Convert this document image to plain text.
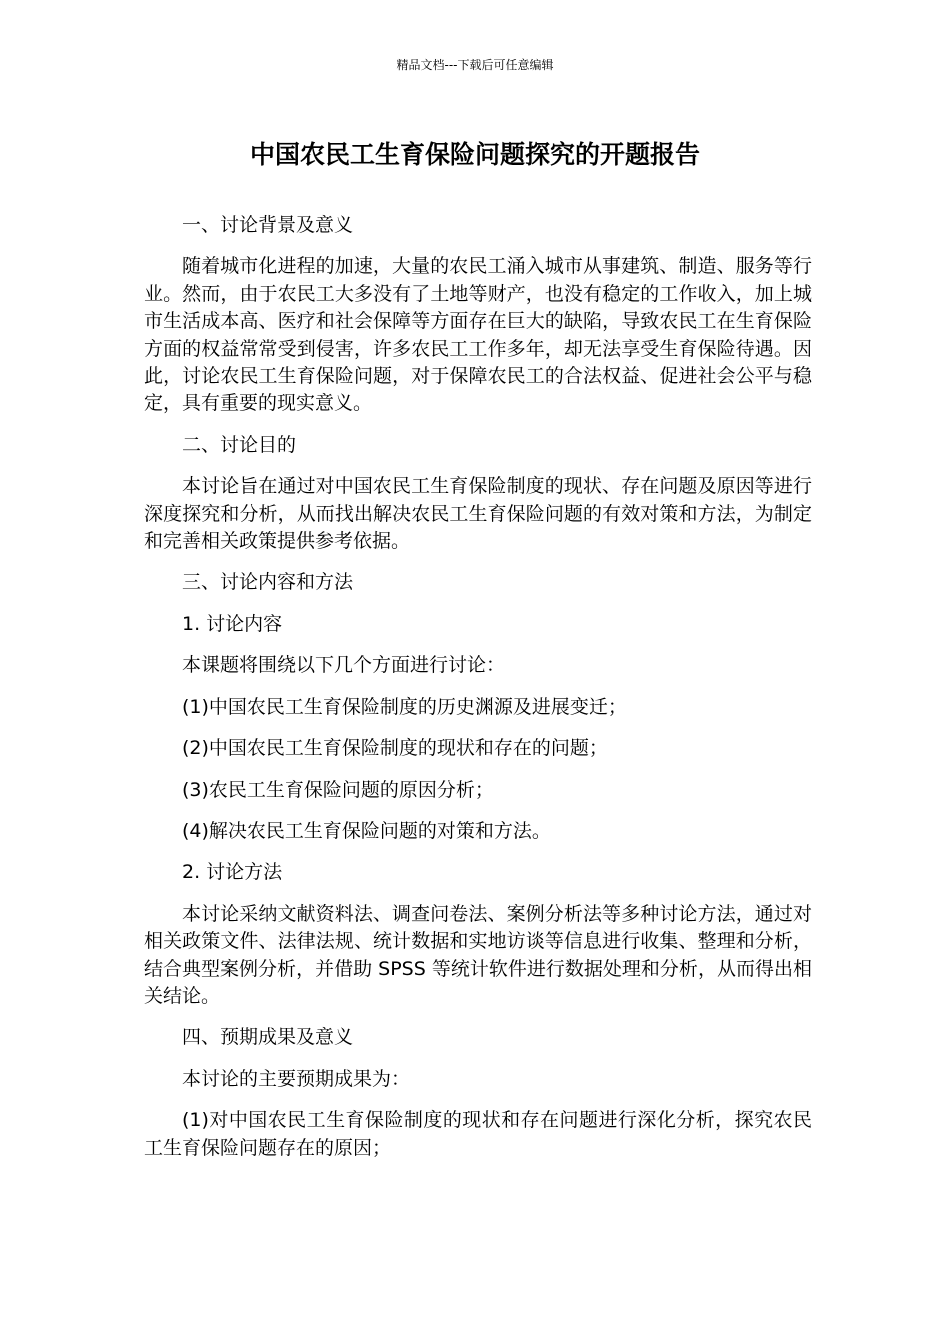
精品文档---下载后可任意编辑
中国农民工生育保险问题探究的开题报告

一、讨论背景及意义

随着城市化进程的加速，大量的农民工涌入城市从事建筑、制造、服务等行业。然而，由于农民工大多没有了土地等财产，也没有稳定的工作收入，加上城市生活成本高、医疗和社会保障等方面存在巨大的缺陷，导致农民工在生育保险方面的权益常常受到侵害，许多农民工工作多年，却无法享受生育保险待遇。因此，讨论农民工生育保险问题，对于保障农民工的合法权益、促进社会公平与稳定，具有重要的现实意义。

二、讨论目的

本讨论旨在通过对中国农民工生育保险制度的现状、存在问题及原因等进行深度探究和分析，从而找出解决农民工生育保险问题的有效对策和方法，为制定和完善相关政策提供参考依据。

三、讨论内容和方法

1. 讨论内容

本课题将围绕以下几个方面进行讨论：

(1)中国农民工生育保险制度的历史渊源及进展变迁；

(2)中国农民工生育保险制度的现状和存在的问题；

(3)农民工生育保险问题的原因分析；

(4)解决农民工生育保险问题的对策和方法。

2. 讨论方法

本讨论采纳文献资料法、调查问卷法、案例分析法等多种讨论方法，通过对相关政策文件、法律法规、统计数据和实地访谈等信息进行收集、整理和分析，结合典型案例分析，并借助 SPSS 等统计软件进行数据处理和分析，从而得出相关结论。

四、预期成果及意义

本讨论的主要预期成果为：

(1)对中国农民工生育保险制度的现状和存在问题进行深化分析，探究农民工生育保险问题存在的原因；
